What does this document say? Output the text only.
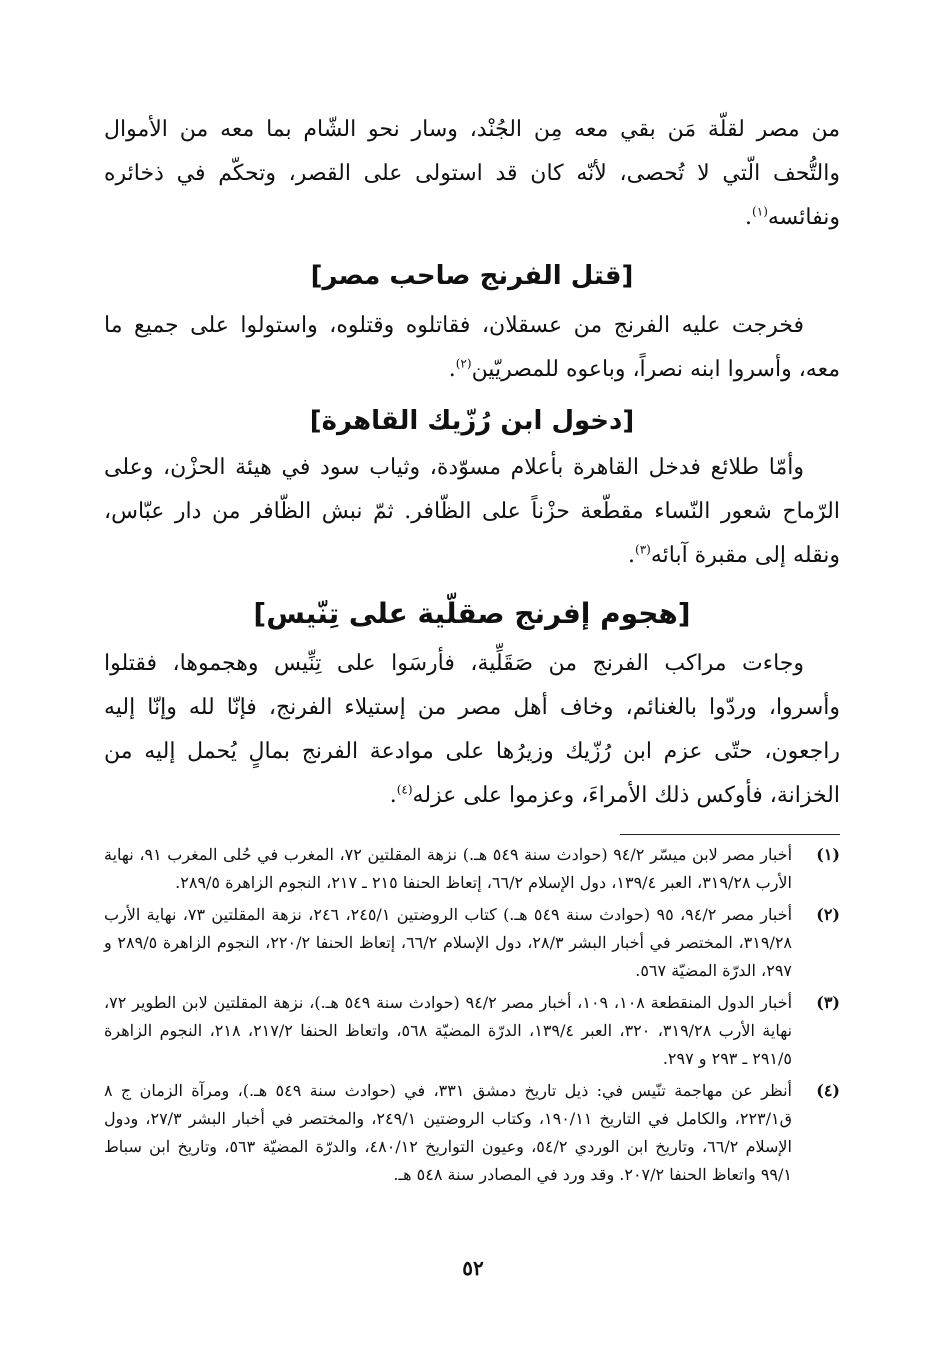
من مصر لقلّة مَن بقي معه مِن الجُنْد، وسار نحو الشّام بما معه من الأموال والتُّحف الّتي لا تُحصى، لأنّه كان قد استولى على القصر، وتحكّم في ذخائره ونفائسه$^{(١)}$.

[قتل الفرنج صاحب مصر]

فخرجت عليه الفرنج من عسقلان، فقاتلوه وقتلوه، واستولوا على جميع ما معه، وأسروا ابنه نصراً، وباعوه للمصريّين$^{(٢)}$.

[دخول ابن رُزّيك القاهرة]

وأمّا طلائع فدخل القاهرة بأعلام مسوّدة، وثياب سود في هيئة الحزْن، وعلى الرّماح شعور النّساء مقطّعة حزْناً على الظّافر. ثمّ نبش الظّافر من دار عبّاس، ونقله إلى مقبرة آبائه$^{(٣)}$.

[هجوم إفرنج صقلّية على تِنّيس]

وجاءت مراكب الفرنج من صَقَلِّية، فأرسَوا على تِنِّيس وهجموها، فقتلوا وأسروا، وردّوا بالغنائم، وخاف أهل مصر من إستيلاء الفرنج، فإنّا لله وإنّا إليه راجعون، حتّى عزم ابن رُزّيك وزيرُها على موادعة الفرنج بمالٍ يُحمل إليه من الخزانة، فأوكس ذلك الأمراءَ، وعزموا على عزله$^{(٤)}$.

(١)
أخبار مصر لابن ميسّر ٩٤/٢ (حوادث سنة ٥٤٩ هـ.) نزهة المقلتين ٧٢، المغرب في حُلى المغرب ٩١، نهاية الأرب ٣١٩/٢٨، العبر ١٣٩/٤، دول الإسلام ٦٦/٢، إتعاظ الحنفا ٢١٥ ـ ٢١٧، النجوم الزاهرة ٢٨٩/٥.
(٢)
أخبار مصر ٩٤/٢، ٩٥ (حوادث سنة ٥٤٩ هـ.) كتاب الروضتين ٢٤٥/١، ٢٤٦، نزهة المقلتين ٧٣، نهاية الأرب ٣١٩/٢٨، المختصر في أخبار البشر ٢٨/٣، دول الإسلام ٦٦/٢، إتعاظ الحنفا ٢٢٠/٢، النجوم الزاهرة ٢٨٩/٥ و ٢٩٧، الدرّة المضيّة ٥٦٧.
(٣)
أخبار الدول المنقطعة ١٠٨، ١٠٩، أخبار مصر ٩٤/٢ (حوادث سنة ٥٤٩ هـ.)، نزهة المقلتين لابن الطوير ٧٢، نهاية الأرب ٣١٩/٢٨، ٣٢٠، العبر ١٣٩/٤، الدرّة المضيّة ٥٦٨، واتعاظ الحنفا ٢١٧/٢، ٢١٨، النجوم الزاهرة ٢٩١/٥ ـ ٢٩٣ و ٢٩٧.
(٤)
أنظر عن مهاجمة تنّيس في: ذيل تاريخ دمشق ٣٣١، في (حوادث سنة ٥٤٩ هـ.)، ومرآة الزمان ج ٨ ق٢٢٣/١، والكامل في التاريخ ١٩٠/١١، وكتاب الروضتين ٢٤٩/١، والمختصر في أخبار البشر ٢٧/٣، ودول الإسلام ٦٦/٢، وتاريخ ابن الوردي ٥٤/٢، وعيون التواريخ ٤٨٠/١٢، والدرّة المضيّة ٥٦٣، وتاريخ ابن سباط ٩٩/١ واتعاظ الحنفا ٢٠٧/٢. وقد ورد في المصادر سنة ٥٤٨ هـ.
٥٢
